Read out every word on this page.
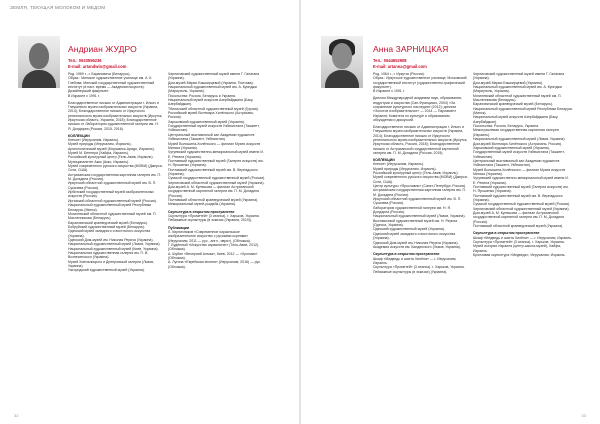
ЗЕМЛЯ, ТЕКУЩАЯ МОЛОКОМ И МЕДОМ
Андриан ЖУДРО
Тел.: 0633556236
E-mail: artandwin@gmail.com

Род. 1969 г., г. Барановичи (Беларусь).
Образ.: Минское художественное училище им. А. К. Глебова; Минский государственный художественный институт (в наст. время — Академия искусств).
Дизайнерский факультет.
В Израиле с 1991 г.

Благодарственное письмо от Администрации г. Ильич и Гнеушевого музея изобразительных искусств (Украина, 2014); Благодарственное письмо от Иркутского регионального музея изобразительных искусств (Иркутск, Иркутская область, Украина, 2018); Благодарственное письмо от Лаборатории художественной галереи им. Н. Я. Дондареа (Россия, 2015, 2016).

КОЛЛЕКЦИИ
Кнессет (Иерусалим, Израиль).
Музей природы (Иерусалим, Израиль).
Археологический музей (Моршанск-Арадо, Израиль).
Музей М. Беннера (Хайфа, Израиль).
Российский культурный центр (Тель-Авив, Израиль).
Муниципалитет Акко (Акко, Израиль).
Музей современного русского искусства (МОВИ) (Джерси-Сити, США).
Астраханская государственная картинная галерея им. П. М. Догадина (Россия).
Иркутский областной художественный музей им. В. П. Сукачева (Россия).
Ирбитский государственный музей изобразительных искусств (Россия).
Иргизский областной художественный музей (Россия).
Национальный художественный музей Республики Беларусь (Минск).
Могилевский областной художественный музей им. П. Масленникова (Беларусь).
Барановичский краеведческий музей (Беларусь).
Бобруйский художественный музей (Беларусь).
Одесский музей западного и восточного искусства (Украина).
Одесский Дом-музей им. Николая Рериха (Украина).
Национальный художественный музей (Львов, Украина).
Национальный художественный музей (Киев, Украина).
Национальная художественная галерея им. П. В. Вознесенского (Украина).
Музей Хмельницкого и Днепровской галереи (Львов, Украина).
Ужгородский художественный музей (Украина).
Черниговский художественный музей имени Г. Галагана (Украина).
Дом-музей Марии Башкирцевой (Украина, Полтава).
Национальный художественный музей им. А. Куинджи (Мариуполь, Украина).
Посольства: Россия, Беларусь и Украина.
Национальный музей искусств Азербайджана (Баку, Азербайджан).
Тбилисский областной художественный музей (Грузия).
Российский музей Волтмара Хилёнского (Астрахань, Россия).
Харьковский художественный музей (Украина).
Государственный музей искусств Узбекистана (Ташкент, Узбекистан).
Центральный выставочный зал Академии художеств Узбекистана (Ташкент, Узбекистан).
Музей Волошина-Хилёнского — филиал Музея искусств Минска (Украина).
Чугуевский художественно-мемориальный музей имени И. Е. Репина (Украина).
Полтавский художественный музей (Галерея искусств) им. Н. Ярошенко (Украина).
Полтавский художественный музей им. В. Вернадского (Украина).
Сумской государственный художественный музей (Россия).
Черниговский областной художественный музей (Украина).
Дом-музей А. М. Кулешова — филиал Астраханской государственной картинной галереи им. П. М. Догадина (Россия).
Полтавский областной краеведческий музей (Украина).
Мемориальный музей-усадьба (Украина).
Скульптура в открытом пространстве
Скульптура «Прометей» (3 сеанса). г. Харьков, Украина.
Пейзажные скульптуры (в эскизах (Украина, 2019)).
Публикации
Л. Кирпичников «Современное израильское изобразительное искусство с русскими корнями» (Иерусалим, 2011 — рус., англ., иврит). (Обложка).
Г. Будённый «Искусство израильтян» (Тель-Авив, 2012). (Обложка).
А. Шубин «Вечерний Алмаз», Киев, 2012 — «Хроники» (Обложка).
А. Лугина «Еврейская эпопея» (Иерусалим, 2016) — рус. (Обложка).
32
Анна ЗАРНИЦКАЯ
Тел.: 0544652908
E-mail: artanna@gmail.com

Род. 1964 г., г. Иркутск (Россия).
Образ.: Иркутское художественное училище; Московский государственный институт (художественно-графический факультет).
В Израиле с 1991 г.

Диплом Международной академии наук, образования, индустрии и искусства (Сан-Франциско, 2004) «За сохранение культурного наследия» (2012); диплом «Золотое изобразительное» — 2014 — Парламент Израиля; Комитета по культуре и образованию, обсуждения и дискуссий.

Благодарственное письмо от Администрации г. Ильич и Гнеушевого музея изобразительных искусств (Украина, 2014); Благодарственное письмо от Иркутского регионального музея изобразительных искусств (Иркутск, Иркутская область, Россия, 2018); Благодарственное письмо от Астраханской государственной картинной галереи им. П. М. Догадина (Россия, 2015).

КОЛЛЕКЦИИ
Кнессет (Иерусалим, Израиль).
Музей природы (Иерусалим, Израиль).
Российский культурный центр (Тель-Авив, Израиль).
Музей современного русского искусства (МОВИ) (Джерси-Сити, США).
Центр культуры «Ярославль» (Санкт-Петербург, Россия).
Астраханская государственная картинная галерея им. П. М. Догадина (Россия).
Иркутский областной художественный музей им. В. П. Сукачева (Россия).
Лаборатория художественной галереи им. Н. Я. Дондареа (Россия).
Национальный художественный музей (Львов, Украина).
Выставочный художественный музей им. Н. Рериха (Одесса, Украина).
Одесский художественный музей (Украина).
Одесский музей западного и восточного искусства (Украина).
Одесский Дом-музей им. Николая Рериха (Украина).
Академия искусств им. Кандинского (Львов, Украина).
Скульптура в открытом пространстве
Шкаф «Медведь и шахта Хилёна» — г. Иерусалим, Израиль.
Скульптура «Прометей» (3 сеанса). г. Харьков, Украина.
Пейзажные скульптуры (в эскизах) (Украина).
Черниговский художественный музей имени Г. Галагана (Украина).
Дом-музей Марии Башкирцевой (Украина).
Национальный художественный музей им. А. Куинджи (Мариуполь, Украина).
Могилевский областной художественный музей им. П. Масленникова (Беларусь).
Барановичский краеведческий музей (Беларусь).
Национальный художественный музей Республики Беларусь (Минск).
Национальный музей искусств Азербайджана (Баку, Азербайджан).
Посольства: Россия, Беларусь, Украина.
Межотраслевая государственная картинная галерея (Израиль).
Национальный художественный музей (Львов, Украина).
Дом-музей Волтмара Хилёнского (Астрахань, Россия).
Харьковский художественный музей (Украина).
Государственный музей искусств Узбекистана (Ташкент, Узбекистан).
Центральный выставочный зал Академии художеств Узбекистана (Ташкент, Узбекистан).
Музей Волошина-Хилёнского — филиал Музея искусств Минска (Украина).
Чугуевский художественно-мемориальный музей имени И. Е. Репина (Украина).
Полтавский художественный музей (Галерея искусств) им. Н. Ярошенко (Украина).
Полтавский художественный музей им. В. Вернадского (Украина).
Сумской государственный художественный музей (Россия).
Черниговский областной художественный музей (Украина).
Дом-музей А. М. Кулешова — филиал Астраханской государственной картинной галереи им. П. М. Догадина (Россия).
Полтавский областной краеведческий музей (Украина).
Скульптура в открытом пространстве
Шкаф «Медведь и шахта Хилёна» — г. Иерусалим, Израиль.
Скульптура «Прометей» (3 сеанса). г. Харьков, Украина.
Музей истории Израиля (центр-школа-музей), Хайфа, Израиль.
Бронзовая скульптура «Медведь», Иерусалим, Израиль.
33
